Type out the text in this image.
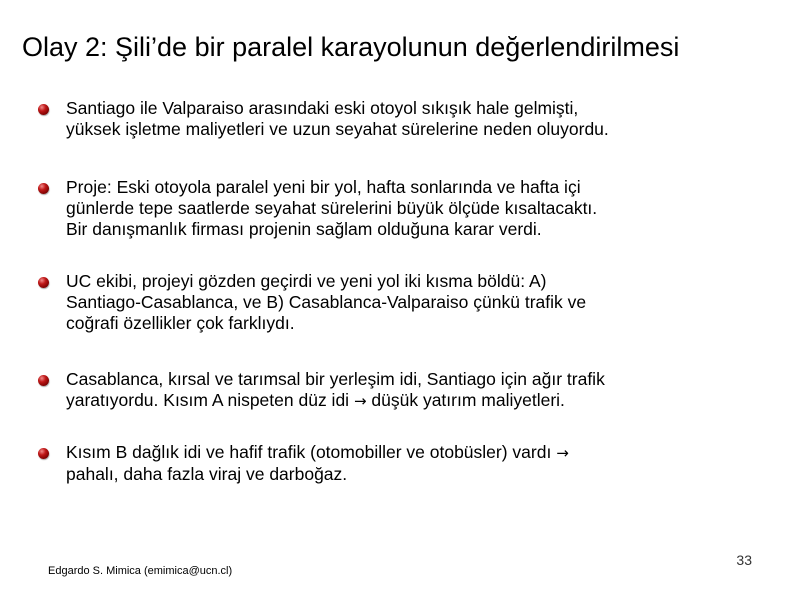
Olay 2: Şili’de bir paralel karayolunun değerlendirilmesi
Santiago ile Valparaiso arasındaki eski otoyol sıkışık hale gelmişti,
yüksek işletme maliyetleri ve uzun seyahat sürelerine neden oluyordu.
Proje: Eski otoyola paralel yeni bir yol, hafta sonlarında ve hafta içi
günlerde tepe saatlerde seyahat sürelerini büyük ölçüde kısaltacaktı.
Bir danışmanlık firması projenin sağlam olduğuna karar verdi.
UC ekibi, projeyi gözden geçirdi ve yeni yol iki kısma böldü: A)
Santiago-Casablanca, ve B) Casablanca-Valparaiso çünkü trafik ve
coğrafi özellikler çok farklıydı.
Casablanca, kırsal ve tarımsal bir yerleşim idi, Santiago için ağır trafik
yaratıyordu. Kısım A nispeten düz idi → düşük yatırım maliyetleri.
Kısım B dağlık idi ve hafif trafik (otomobiller ve otobüsler) vardı →
pahalı, daha fazla viraj ve darboğaz.
Edgardo S. Mimica (emimica@ucn.cl)
33
